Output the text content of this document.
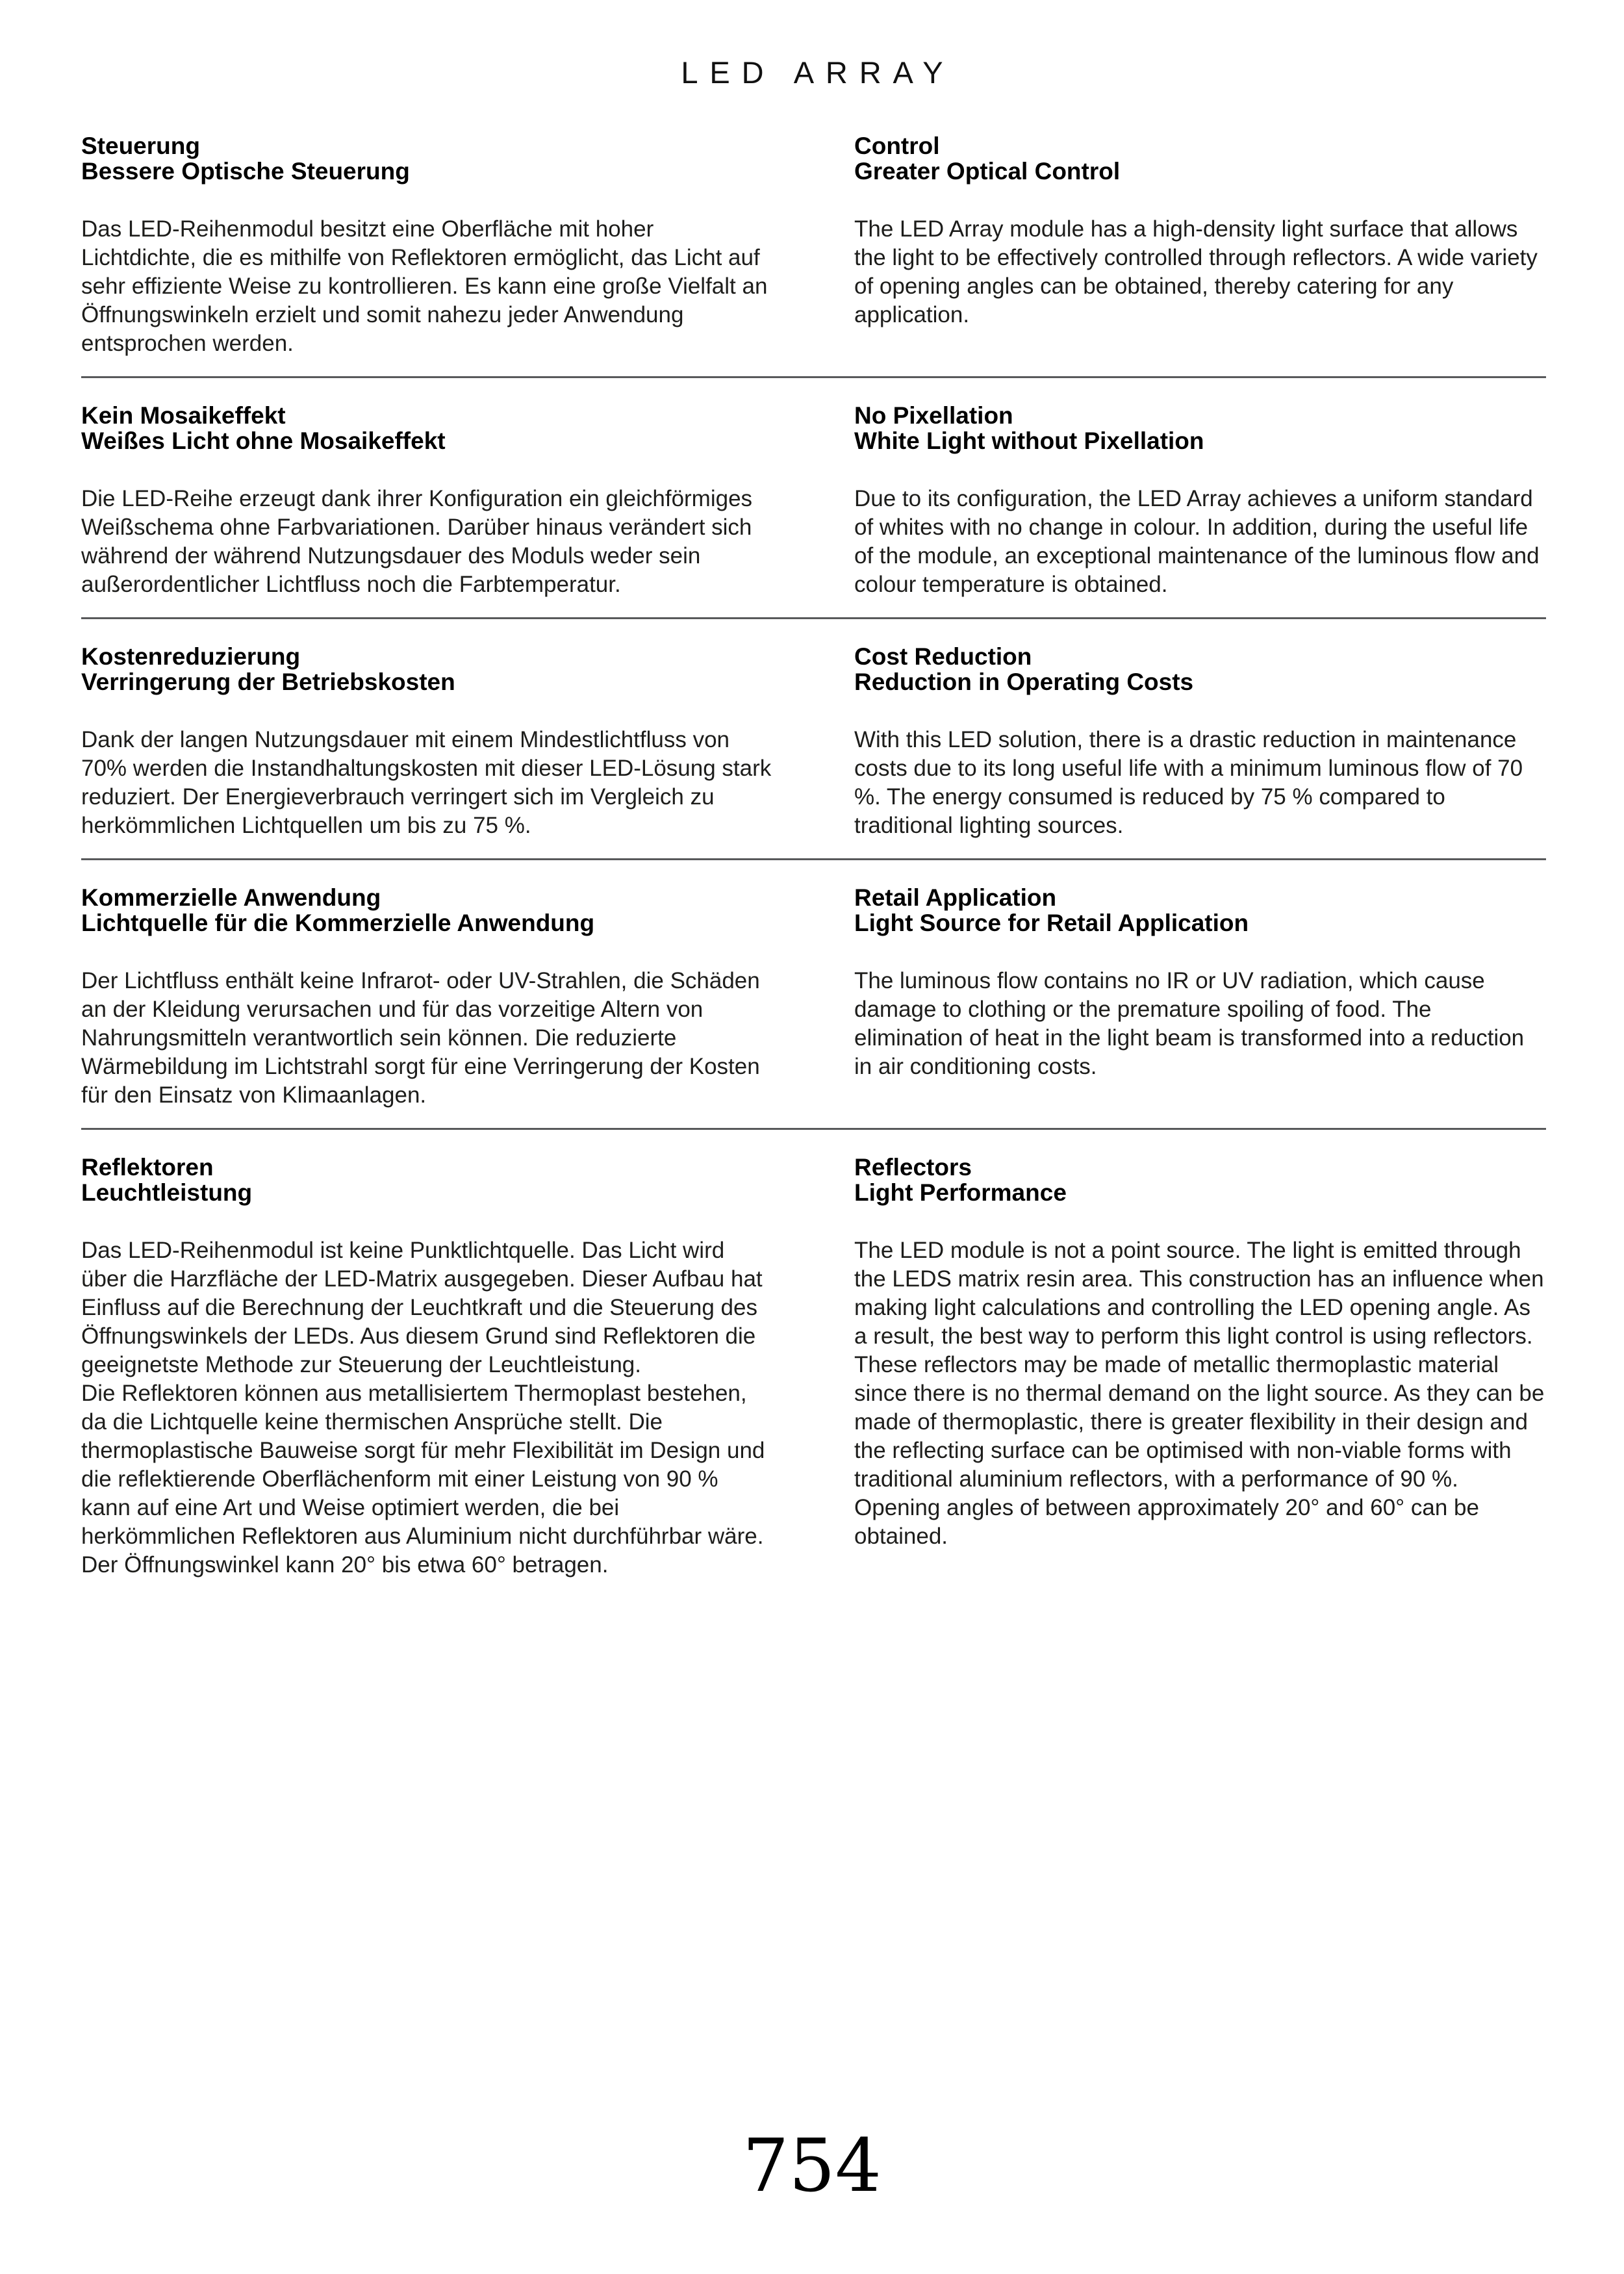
LED ARRAY
Steuerung
Bessere Optische Steuerung

Das LED-Reihenmodul besitzt eine Oberfläche mit hoher Lichtdichte, die es mithilfe von Reflektoren ermöglicht, das Licht auf sehr effiziente Weise zu kontrollieren. Es kann eine große Vielfalt an Öffnungswinkeln erzielt und somit nahezu jeder Anwendung entsprochen werden.

Control
Greater Optical Control

The LED Array module has a high-density light surface that allows the light to be effectively controlled through reflectors. A wide variety of opening angles can be obtained, thereby catering for any application.

Kein Mosaikeffekt
Weißes Licht ohne Mosaikeffekt

Die LED-Reihe erzeugt dank ihrer Konfiguration ein gleichförmiges Weißschema ohne Farbvariationen. Darüber hinaus verändert sich während der während Nutzungsdauer des Moduls weder sein außerordentlicher Lichtfluss noch die Farbtemperatur.

No Pixellation
White Light without Pixellation

Due to its configuration, the LED Array achieves a uniform standard of whites with no change in colour. In addition, during the useful life of the module, an exceptional maintenance of the luminous flow and colour temperature is obtained.

Kostenreduzierung
Verringerung der Betriebskosten

Dank der langen Nutzungsdauer mit einem Mindestlichtfluss von 70% werden die Instandhaltungskosten mit dieser LED-Lösung stark reduziert. Der Energieverbrauch verringert sich im Vergleich zu herkömmlichen Lichtquellen um bis zu 75 %.

Cost Reduction
Reduction in Operating Costs

With this LED solution, there is a drastic reduction in maintenance costs due to its long useful life with a minimum luminous flow of 70 %. The energy consumed is reduced by 75 % compared to traditional lighting sources.

Kommerzielle Anwendung
Lichtquelle für die Kommerzielle Anwendung

Der Lichtfluss enthält keine Infrarot- oder UV-Strahlen, die Schäden an der Kleidung verursachen und für das vorzeitige Altern von Nahrungsmitteln verantwortlich sein können. Die reduzierte Wärmebildung im Lichtstrahl sorgt für eine Verringerung der Kosten für den Einsatz von Klimaanlagen.

Retail Application
Light Source for Retail Application

The luminous flow contains no IR or UV radiation, which cause damage to clothing or the premature spoiling of food. The elimination of heat in the light beam is transformed into a reduction in air conditioning costs.

Reflektoren
Leuchtleistung

Das LED-Reihenmodul ist keine Punktlichtquelle. Das Licht wird über die Harzfläche der LED-Matrix ausgegeben. Dieser Aufbau hat Einfluss auf die Berechnung der Leuchtkraft und die Steuerung des Öffnungswinkels der LEDs. Aus diesem Grund sind Reflektoren die geeignetste Methode zur Steuerung der Leuchtleistung.

Die Reflektoren können aus metallisiertem Thermoplast bestehen, da die Lichtquelle keine thermischen Ansprüche stellt. Die thermoplastische Bauweise sorgt für mehr Flexibilität im Design und die reflektierende Oberflächenform mit einer Leistung von 90 % kann auf eine Art und Weise optimiert werden, die bei herkömmlichen Reflektoren aus Aluminium nicht durchführbar wäre.

Der Öffnungswinkel kann 20° bis etwa 60° betragen.

Reflectors
Light Performance

The LED module is not a point source. The light is emitted through the LEDS matrix resin area. This construction has an influence when making light calculations and controlling the LED opening angle. As a result, the best way to perform this light control is using reflectors.

These reflectors may be made of metallic thermoplastic material since there is no thermal demand on the light source. As they can be made of thermoplastic, there is greater flexibility in their design and the reflecting surface can be optimised with non-viable forms with traditional aluminium reflectors, with a performance of 90 %.

Opening angles of between approximately 20° and 60° can be obtained.

754
